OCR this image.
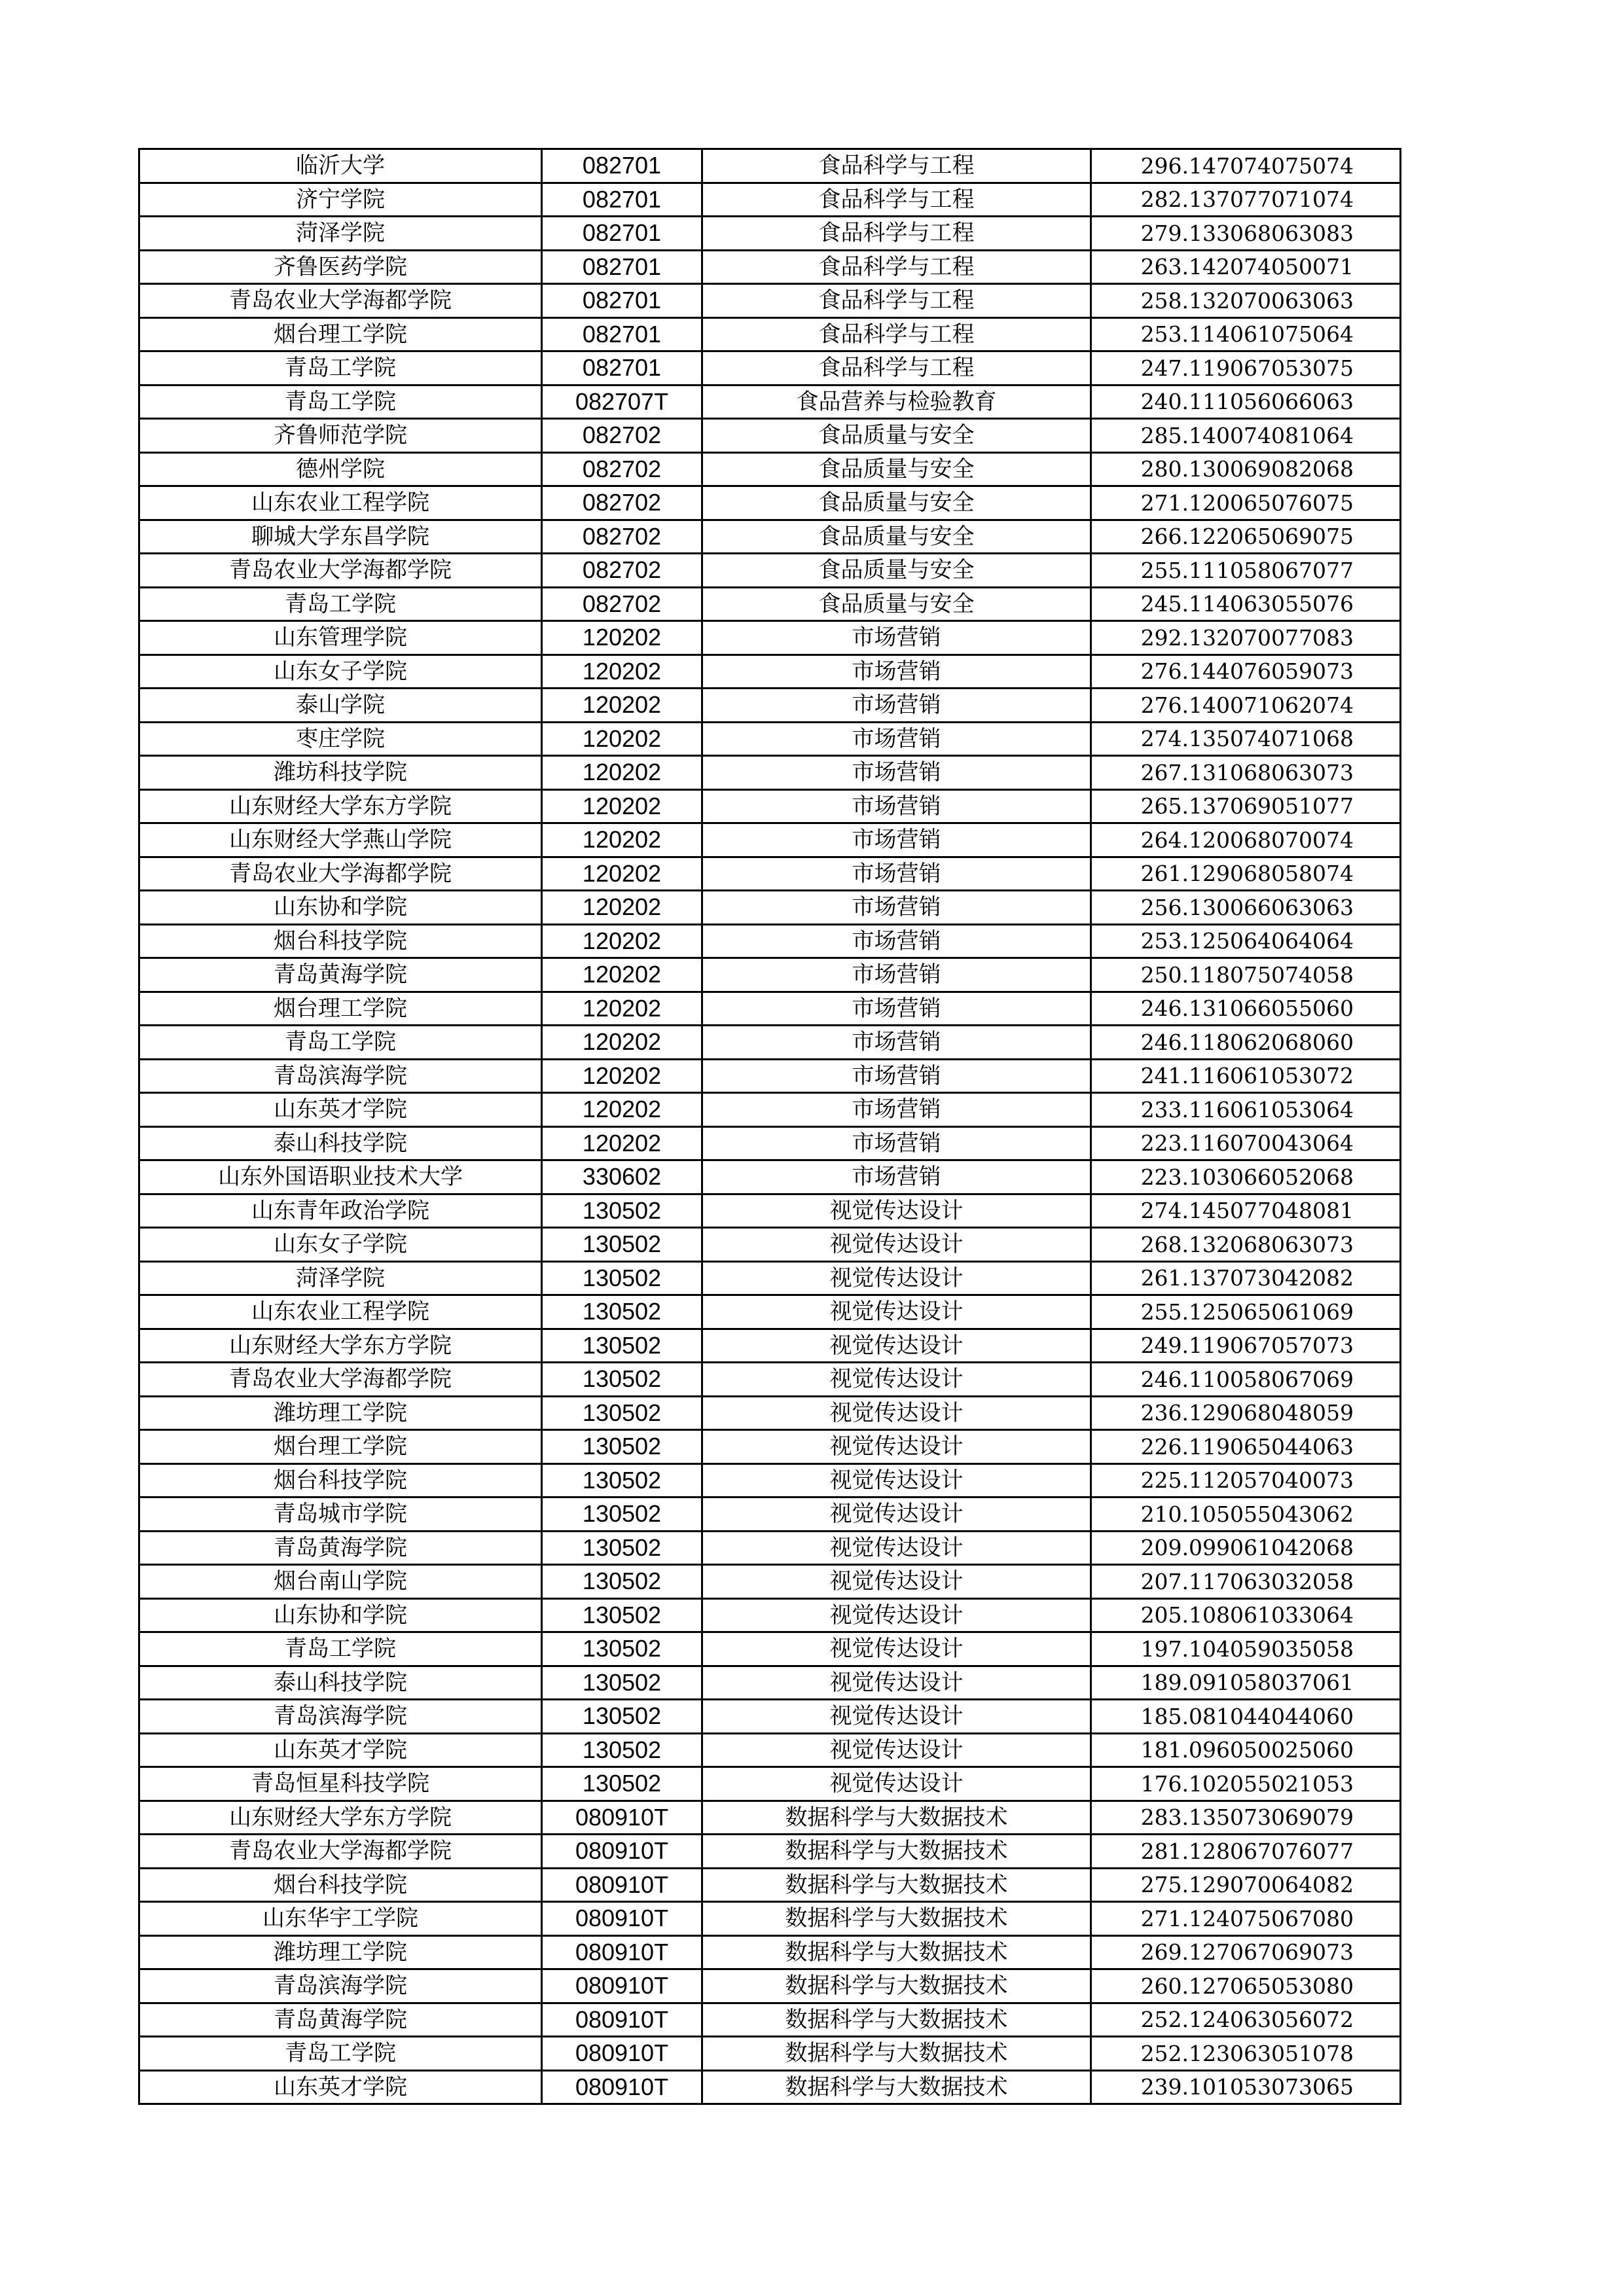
临沂大学	082701	食品科学与工程	296.147074075074
济宁学院	082701	食品科学与工程	282.137077071074
菏泽学院	082701	食品科学与工程	279.133068063083
齐鲁医药学院	082701	食品科学与工程	263.142074050071
青岛农业大学海都学院	082701	食品科学与工程	258.132070063063
烟台理工学院	082701	食品科学与工程	253.114061075064
青岛工学院	082701	食品科学与工程	247.119067053075
青岛工学院	082707T	食品营养与检验教育	240.111056066063
齐鲁师范学院	082702	食品质量与安全	285.140074081064
德州学院	082702	食品质量与安全	280.130069082068
山东农业工程学院	082702	食品质量与安全	271.120065076075
聊城大学东昌学院	082702	食品质量与安全	266.122065069075
青岛农业大学海都学院	082702	食品质量与安全	255.111058067077
青岛工学院	082702	食品质量与安全	245.114063055076
山东管理学院	120202	市场营销	292.132070077083
山东女子学院	120202	市场营销	276.144076059073
泰山学院	120202	市场营销	276.140071062074
枣庄学院	120202	市场营销	274.135074071068
潍坊科技学院	120202	市场营销	267.131068063073
山东财经大学东方学院	120202	市场营销	265.137069051077
山东财经大学燕山学院	120202	市场营销	264.120068070074
青岛农业大学海都学院	120202	市场营销	261.129068058074
山东协和学院	120202	市场营销	256.130066063063
烟台科技学院	120202	市场营销	253.125064064064
青岛黄海学院	120202	市场营销	250.118075074058
烟台理工学院	120202	市场营销	246.131066055060
青岛工学院	120202	市场营销	246.118062068060
青岛滨海学院	120202	市场营销	241.116061053072
山东英才学院	120202	市场营销	233.116061053064
泰山科技学院	120202	市场营销	223.116070043064
山东外国语职业技术大学	330602	市场营销	223.103066052068
山东青年政治学院	130502	视觉传达设计	274.145077048081
山东女子学院	130502	视觉传达设计	268.132068063073
菏泽学院	130502	视觉传达设计	261.137073042082
山东农业工程学院	130502	视觉传达设计	255.125065061069
山东财经大学东方学院	130502	视觉传达设计	249.119067057073
青岛农业大学海都学院	130502	视觉传达设计	246.110058067069
潍坊理工学院	130502	视觉传达设计	236.129068048059
烟台理工学院	130502	视觉传达设计	226.119065044063
烟台科技学院	130502	视觉传达设计	225.112057040073
青岛城市学院	130502	视觉传达设计	210.105055043062
青岛黄海学院	130502	视觉传达设计	209.099061042068
烟台南山学院	130502	视觉传达设计	207.117063032058
山东协和学院	130502	视觉传达设计	205.108061033064
青岛工学院	130502	视觉传达设计	197.104059035058
泰山科技学院	130502	视觉传达设计	189.091058037061
青岛滨海学院	130502	视觉传达设计	185.081044044060
山东英才学院	130502	视觉传达设计	181.096050025060
青岛恒星科技学院	130502	视觉传达设计	176.102055021053
山东财经大学东方学院	080910T	数据科学与大数据技术	283.135073069079
青岛农业大学海都学院	080910T	数据科学与大数据技术	281.128067076077
烟台科技学院	080910T	数据科学与大数据技术	275.129070064082
山东华宇工学院	080910T	数据科学与大数据技术	271.124075067080
潍坊理工学院	080910T	数据科学与大数据技术	269.127067069073
青岛滨海学院	080910T	数据科学与大数据技术	260.127065053080
青岛黄海学院	080910T	数据科学与大数据技术	252.124063056072
青岛工学院	080910T	数据科学与大数据技术	252.123063051078
山东英才学院	080910T	数据科学与大数据技术	239.101053073065
